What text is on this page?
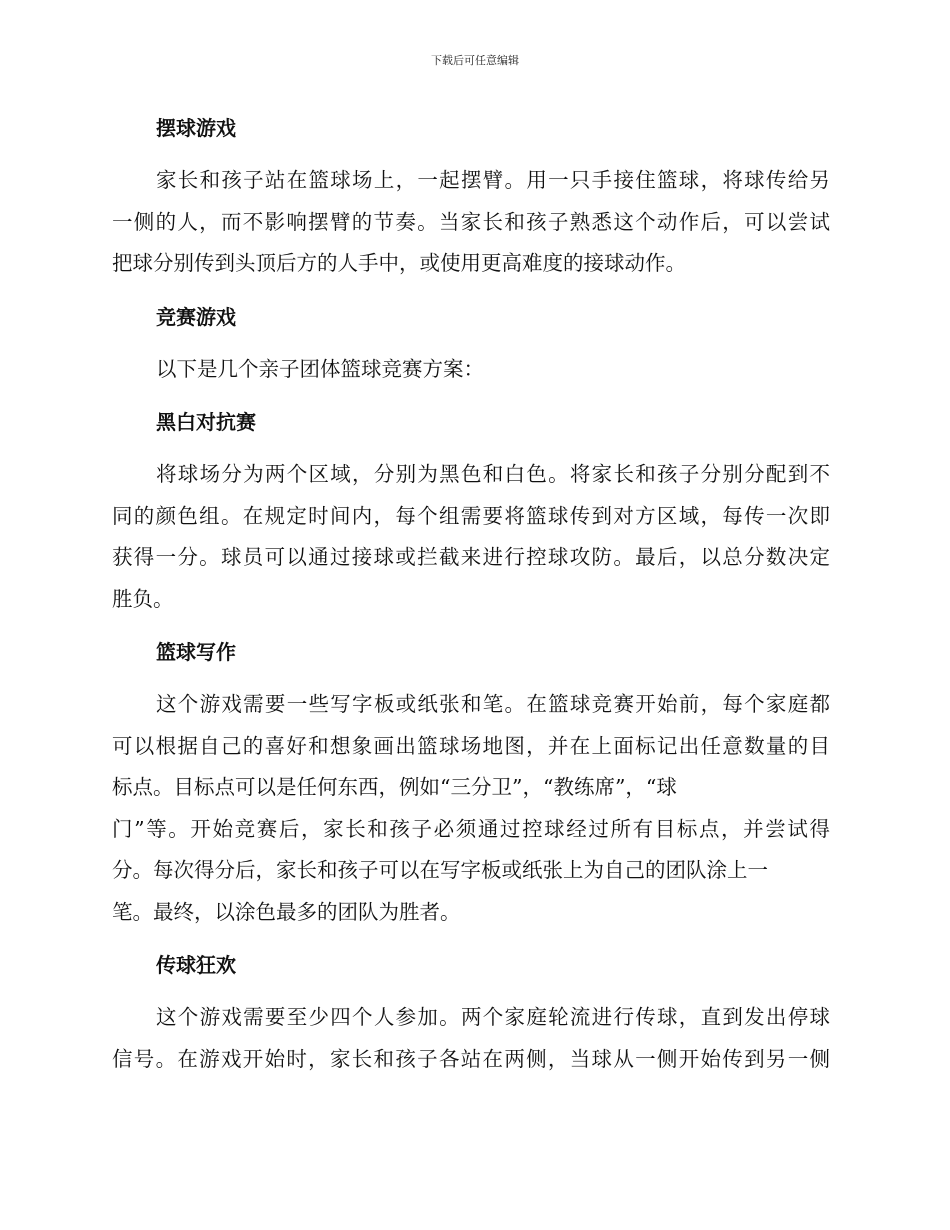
下载后可任意编辑
摆球游戏
家长和孩子站在篮球场上，一起摆臂。用一只手接住篮球，将球传给另
一侧的人，而不影响摆臂的节奏。当家长和孩子熟悉这个动作后，可以尝试
把球分别传到头顶后方的人手中，或使用更高难度的接球动作。
竞赛游戏
以下是几个亲子团体篮球竞赛方案：
黑白对抗赛
将球场分为两个区域，分别为黑色和白色。将家长和孩子分别分配到不
同的颜色组。在规定时间内，每个组需要将篮球传到对方区域，每传一次即
获得一分。球员可以通过接球或拦截来进行控球攻防。最后，以总分数决定
胜负。
篮球写作
这个游戏需要一些写字板或纸张和笔。在篮球竞赛开始前，每个家庭都
可以根据自己的喜好和想象画出篮球场地图，并在上面标记出任意数量的目
标点。目标点可以是任何东西，例如“三分卫”，“教练席”，“球
门”等。开始竞赛后，家长和孩子必须通过控球经过所有目标点，并尝试得
分。每次得分后，家长和孩子可以在写字板或纸张上为自己的团队涂上一
笔。最终，以涂色最多的团队为胜者。
传球狂欢
这个游戏需要至少四个人参加。两个家庭轮流进行传球，直到发出停球
信号。在游戏开始时，家长和孩子各站在两侧，当球从一侧开始传到另一侧
